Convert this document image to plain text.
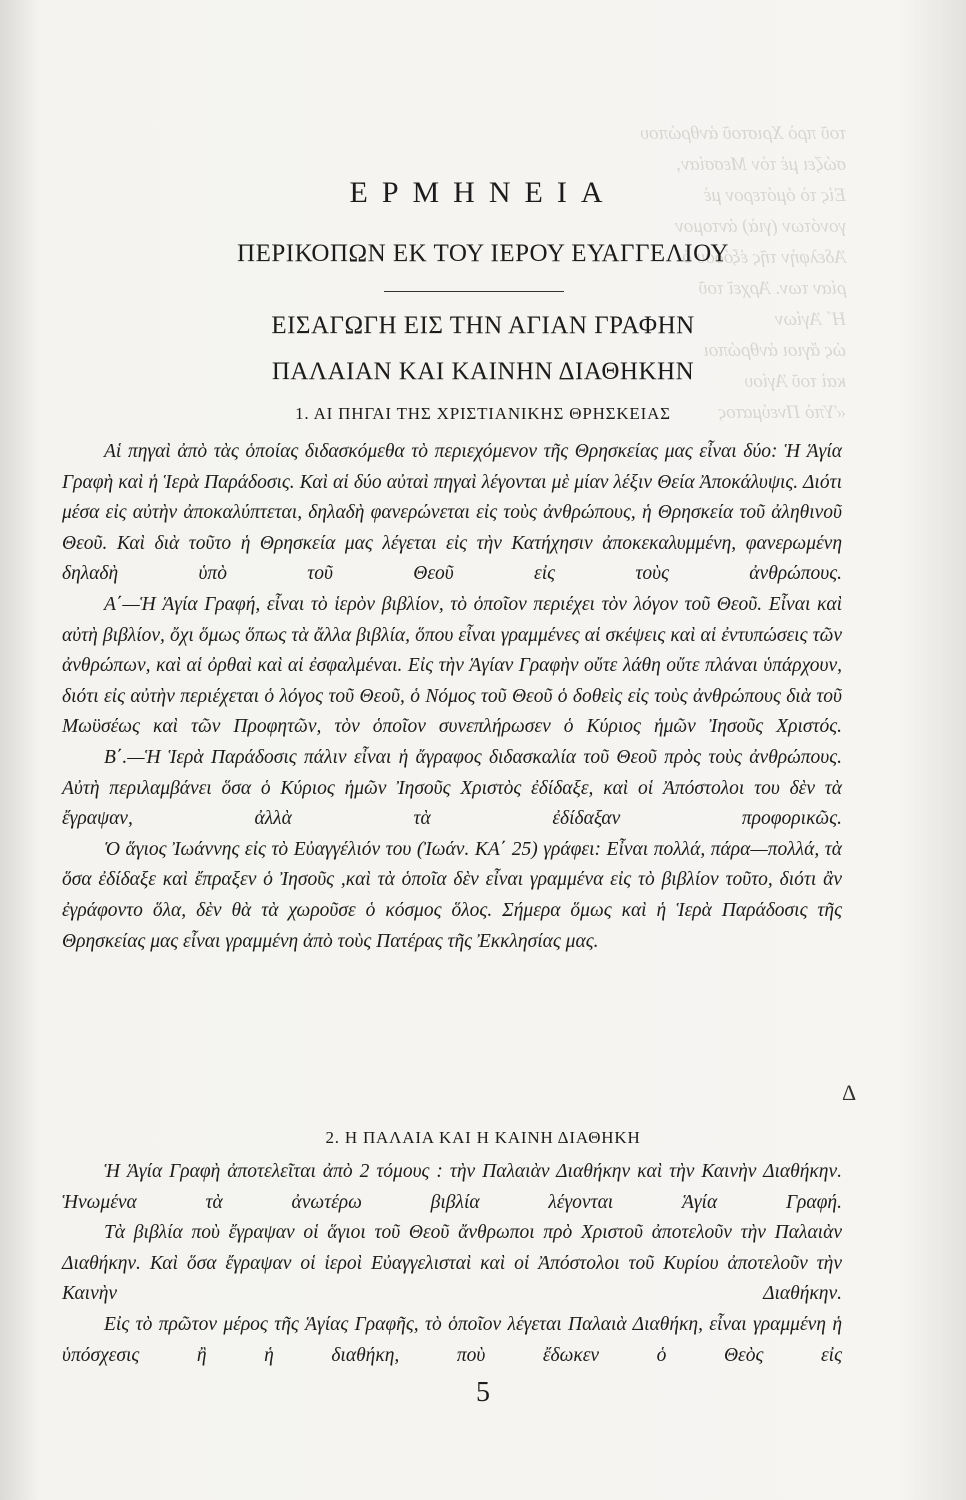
τοῦ πρὸ Χριστοῦ ἀνθρώπου
σώζει μὲ τὸν Μεσσίαν,
Εἰς τὸ ὁμότερον μὲ
γονότων (γιὰ) ἀντομον
Ἀδελφὴν τῆς ἐξόδου ὁ
ρίαν των. Ἀρχεῖ τοῦ
Η΄ Ἀγίων
ὡς ἄγιοι ἀνθρώποι
καὶ τοῦ Ἁγίου
«Ὑπὸ Πνεύματος
ΕΡΜΗΝΕΙΑ
ΠΕΡΙΚΟΠΩΝ ΕΚ ΤΟΥ ΙΕΡΟΥ ΕΥΑΓΓΕΛΙΟΥ
ΕΙΣΑΓΩΓΗ ΕΙΣ ΤΗΝ ΑΓΙΑΝ ΓΡΑΦΗΝ
ΠΑΛΑΙΑΝ ΚΑΙ ΚΑΙΝΗΝ ΔΙΑΘΗΚΗΝ
1. ΑΙ ΠΗΓΑΙ ΤΗΣ ΧΡΙΣΤΙΑΝΙΚΗΣ ΘΡΗΣΚΕΙΑΣ

Αἱ πηγαὶ ἀπὸ τὰς ὁποίας διδασκόμεθα τὸ περιεχόμενον τῆς Θρησκείας μας εἶναι δύο: Ἡ Ἁγία Γραφὴ καὶ ἡ Ἱερὰ Παράδοσις. Καὶ αἱ δύο αὐταὶ πηγαὶ λέγονται μὲ μίαν λέξιν Θεία Ἀποκάλυψις. Διότι μέσα εἰς αὐτὴν ἀποκαλύπτεται, δηλαδὴ φανερώνεται εἰς τοὺς ἀνθρώπους, ἡ Θρησκεία τοῦ ἀληθινοῦ Θεοῦ. Καὶ διὰ τοῦτο ἡ Θρησκεία μας λέγεται εἰς τὴν Κατήχησιν ἀποκεκαλυμμένη, φανερωμένη δηλαδὴ ὑπὸ τοῦ Θεοῦ εἰς τοὺς ἀνθρώπους.

Α΄—Ἡ Ἁγία Γραφή, εἶναι τὸ ἱερὸν βιβλίον, τὸ ὁποῖον περιέχει τὸν λόγον τοῦ Θεοῦ. Εἶναι καὶ αὐτὴ βιβλίον, ὄχι ὅμως ὅπως τὰ ἄλλα βιβλία, ὅπου εἶναι γραμμένες αἱ σκέψεις καὶ αἱ ἐντυπώσεις τῶν ἀνθρώπων, καὶ αἱ ὀρθαὶ καὶ αἱ ἐσφαλμέναι. Εἰς τὴν Ἁγίαν Γραφὴν οὔτε λάθη οὔτε πλάναι ὑπάρχουν, διότι εἰς αὐτὴν περιέχεται ὁ λόγος τοῦ Θεοῦ, ὁ Νόμος τοῦ Θεοῦ ὁ δοθεὶς εἰς τοὺς ἀνθρώπους διὰ τοῦ Μωϋσέως καὶ τῶν Προφητῶν, τὸν ὁποῖον συνεπλήρωσεν ὁ Κύριος ἡμῶν Ἰησοῦς Χριστός.

Β΄.—Ἡ Ἱερὰ Παράδοσις πάλιν εἶναι ἡ ἄγραφος διδασκαλία τοῦ Θεοῦ πρὸς τοὺς ἀνθρώπους. Αὐτὴ περιλαμβάνει ὅσα ὁ Κύριος ἡμῶν Ἰησοῦς Χριστὸς ἐδίδαξε, καὶ οἱ Ἀπόστολοι του δὲν τὰ ἔγραψαν, ἀλλὰ τὰ ἐδίδαξαν προφορικῶς.

Ὁ ἅγιος Ἰωάννης εἰς τὸ Εὐαγγέλιόν του (Ἰωάν. ΚΑ΄ 25) γράφει: Εἶναι πολλά, πάρα—πολλά, τὰ ὅσα ἐδίδαξε καὶ ἔπραξεν ὁ Ἰησοῦς ,καὶ τὰ ὁποῖα δὲν εἶναι γραμμένα εἰς τὸ βιβλίον τοῦτο, διότι ἂν ἐγράφοντο ὅλα, δὲν θὰ τὰ χωροῦσε ὁ κόσμος ὅλος. Σήμερα ὅμως καὶ ἡ Ἱερὰ Παράδοσις τῆς Θρησκείας μας εἶναι γραμμένη ἀπὸ τοὺς Πατέρας τῆς Ἐκκλησίας μας.

Δ
2. Η ΠΑΛΑΙΑ ΚΑΙ Η ΚΑΙΝΗ ΔΙΑΘΗΚΗ

Ἡ Ἁγία Γραφὴ ἀποτελεῖται ἀπὸ 2 τόμους : τὴν Παλαιὰν Διαθήκην καὶ τὴν Καινὴν Διαθήκην. Ἡνωμένα τὰ ἀνωτέρω βιβλία λέγονται Ἁγία Γραφή.

Τὰ βιβλία ποὺ ἔγραψαν οἱ ἅγιοι τοῦ Θεοῦ ἄνθρωποι πρὸ Χριστοῦ ἀποτελοῦν τὴν Παλαιὰν Διαθήκην. Καὶ ὅσα ἔγραψαν οἱ ἱεροὶ Εὐαγγελισταὶ καὶ οἱ Ἀπόστολοι τοῦ Κυρίου ἀποτελοῦν τὴν Καινὴν Διαθήκην.

Εἰς τὸ πρῶτον μέρος τῆς Ἁγίας Γραφῆς, τὸ ὁποῖον λέγεται Παλαιὰ Διαθήκη, εἶναι γραμμένη ἡ ὑπόσχεσις ἢ ἡ διαθήκη, ποὺ ἔδωκεν ὁ Θεὸς εἰς

5
